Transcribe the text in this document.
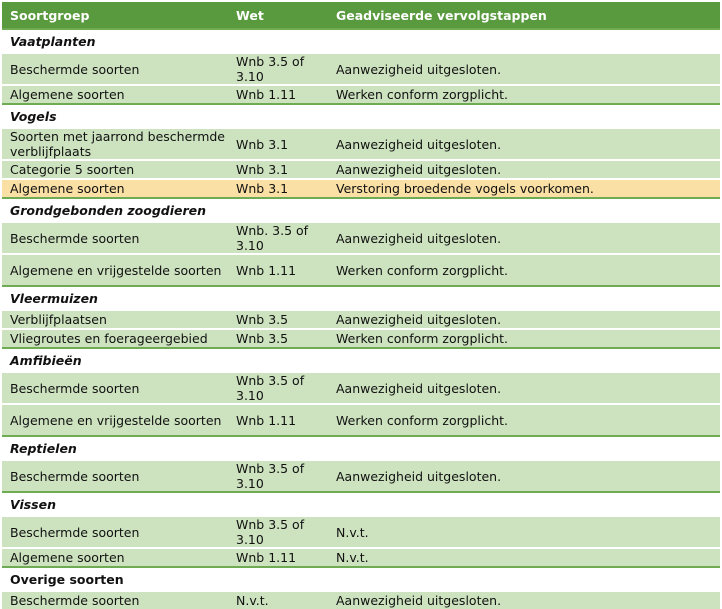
Soortgroep	Wet	Geadviseerde vervolgstappen
Vaatplanten		
Beschermde soorten	Wnb 3.5 of 3.10	Aanwezigheid uitgesloten.
Algemene soorten	Wnb 1.11	Werken conform zorgplicht.
Vogels		
Soorten met jaarrond beschermde verblijfplaats	Wnb 3.1	Aanwezigheid uitgesloten.
Categorie 5 soorten	Wnb 3.1	Aanwezigheid uitgesloten.
Algemene soorten	Wnb 3.1	Verstoring broedende vogels voorkomen.
Grondgebonden zoogdieren		
Beschermde soorten	Wnb. 3.5 of 3.10	Aanwezigheid uitgesloten.
Algemene en vrijgestelde soorten	Wnb 1.11	Werken conform zorgplicht.
Vleermuizen		
Verblijfplaatsen	Wnb 3.5	Aanwezigheid uitgesloten.
Vliegroutes en foerageergebied	Wnb 3.5	Werken conform zorgplicht.
Amfibieën		
Beschermde soorten	Wnb 3.5 of 3.10	Aanwezigheid uitgesloten.
Algemene en vrijgestelde soorten	Wnb 1.11	Werken conform zorgplicht.
Reptielen		
Beschermde soorten	Wnb 3.5 of 3.10	Aanwezigheid uitgesloten.
Vissen		
Beschermde soorten	Wnb 3.5 of 3.10	N.v.t.
Algemene soorten	Wnb 1.11	N.v.t.
Overige soorten		
Beschermde soorten	N.v.t.	Aanwezigheid uitgesloten.
